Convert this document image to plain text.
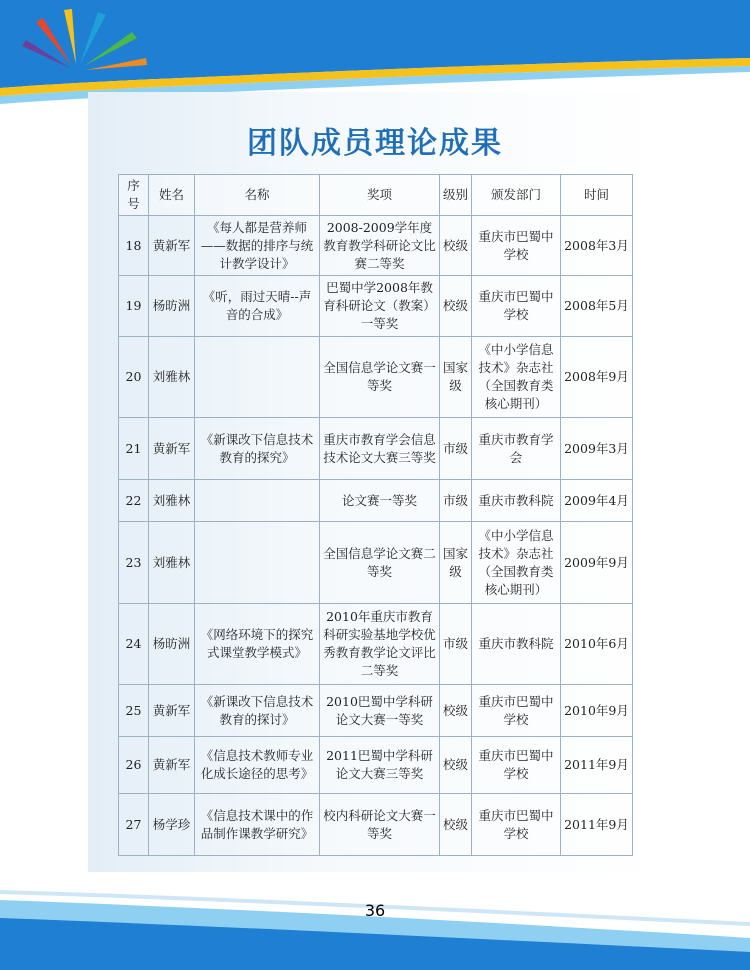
团队成员理论成果
序号	姓名	名称	奖项	级别	颁发部门	时间
18	黄新军	《每人都是营养师——数据的排序与统计教学设计》	2008-2009学年度教育教学科研论文比赛二等奖	校级	重庆市巴蜀中学校	2008年3月
19	杨昉洲	《听，雨过天晴--声音的合成》	巴蜀中学2008年教育科研论文（教案）一等奖	校级	重庆市巴蜀中学校	2008年5月
20	刘雅林		全国信息学论文赛一等奖	国家级	《中小学信息技术》杂志社（全国教育类核心期刊）	2008年9月
21	黄新军	《新课改下信息技术教育的探究》	重庆市教育学会信息技术论文大赛三等奖	市级	重庆市教育学会	2009年3月
22	刘雅林		论文赛一等奖	市级	重庆市教科院	2009年4月
23	刘雅林		全国信息学论文赛二等奖	国家级	《中小学信息技术》杂志社（全国教育类核心期刊）	2009年9月
24	杨昉洲	《网络环境下的探究式课堂教学模式》	2010年重庆市教育科研实验基地学校优秀教育教学论文评比二等奖	市级	重庆市教科院	2010年6月
25	黄新军	《新课改下信息技术教育的探讨》	2010巴蜀中学科研论文大赛一等奖	校级	重庆市巴蜀中学校	2010年9月
26	黄新军	《信息技术教师专业化成长途径的思考》	2011巴蜀中学科研论文大赛三等奖	校级	重庆市巴蜀中学校	2011年9月
27	杨学珍	《信息技术课中的作品制作课教学研究》	校内科研论文大赛一等奖	校级	重庆市巴蜀中学校	2011年9月
36
